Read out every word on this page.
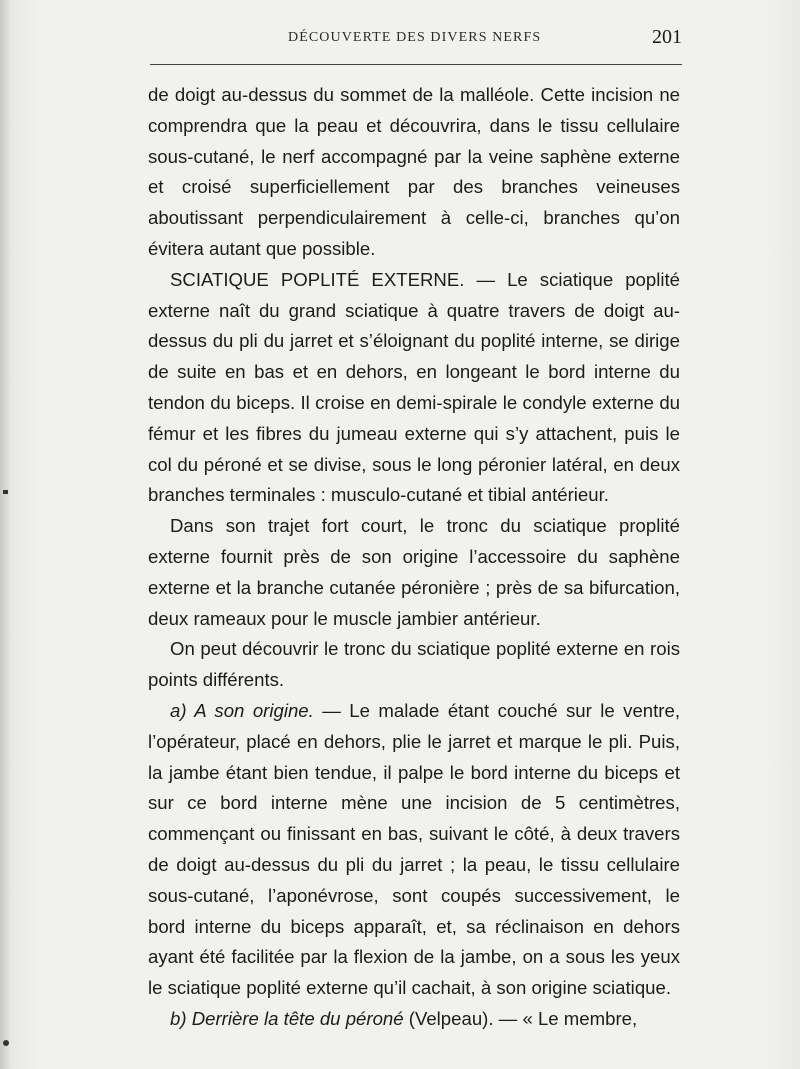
DÉCOUVERTE DES DIVERS NERFS	201

de doigt au-dessus du sommet de la malléole. Cette incision ne comprendra que la peau et découvrira, dans le tissu cellulaire sous-cutané, le nerf accompagné par la veine saphène externe et croisé superficiellement par des branches veineuses aboutissant perpendiculairement à celle-ci, branches qu’on évitera autant que possible.

SCIATIQUE POPLITÉ EXTERNE. — Le sciatique poplité externe naît du grand sciatique à quatre travers de doigt au-dessus du pli du jarret et s’éloignant du poplité interne, se dirige de suite en bas et en dehors, en longeant le bord interne du tendon du biceps. Il croise en demi-spirale le condyle externe du fémur et les fibres du jumeau externe qui s’y attachent, puis le col du péroné et se divise, sous le long péronier latéral, en deux branches terminales : musculo-cutané et tibial antérieur.

Dans son trajet fort court, le tronc du sciatique proplité externe fournit près de son origine l’accessoire du saphène externe et la branche cutanée péronière ; près de sa bifurcation, deux rameaux pour le muscle jambier antérieur.

On peut découvrir le tronc du sciatique poplité externe en rois points différents.

a) A son origine. — Le malade étant couché sur le ventre, l’opérateur, placé en dehors, plie le jarret et marque le pli. Puis, la jambe étant bien tendue, il palpe le bord interne du biceps et sur ce bord interne mène une incision de 5 centimètres, commençant ou finissant en bas, suivant le côté, à deux travers de doigt au-dessus du pli du jarret ; la peau, le tissu cellulaire sous-cutané, l’aponévrose, sont coupés successivement, le bord interne du biceps apparaît, et, sa réclinaison en dehors ayant été facilitée par la flexion de la jambe, on a sous les yeux le sciatique poplité externe qu’il cachait, à son origine sciatique.

b) Derrière la tête du péroné (Velpeau). — « Le membre,
